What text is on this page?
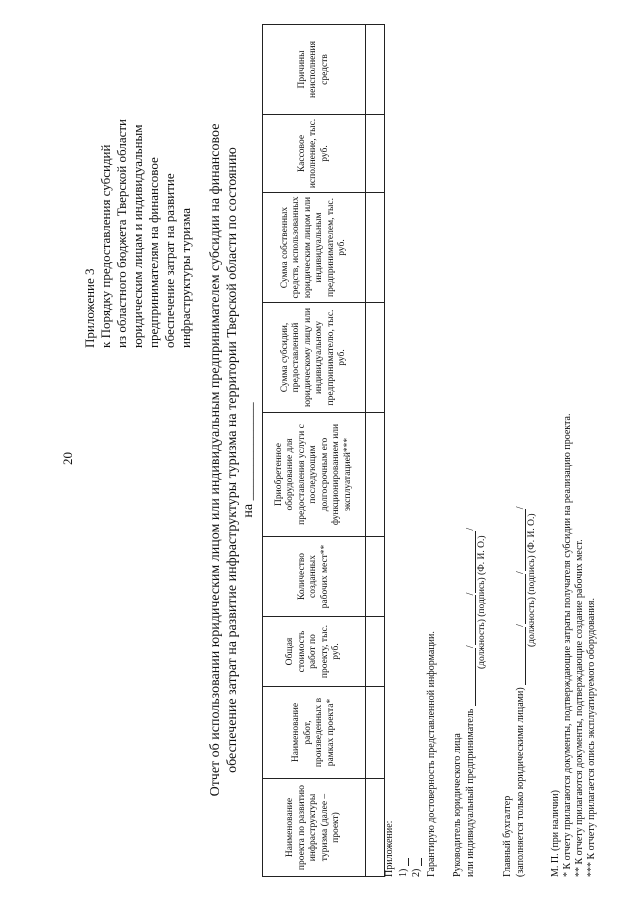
20
Приложение 3 к Порядку предоставления субсидий из областного бюджета Тверской области юридическим лицам и индивидуальным предпринимателям на финансовое обеспечение затрат на развитие инфраструктуры туризма Отчет об использовании юридическим лицом или индивидуальным предпринимателем субсидии на финансовое обеспечение затрат на развитие инфраструктуры туризма на территории Тверской области по состоянию на ______________
Наименование проекта по развитию инфраструктуры туризма (далее – проект)	Наименование работ, произведенных в рамках проекта*	Общая стоимость работ по проекту, тыс. руб.	Количество созданных рабочих мест**	Приобретенное оборудование для предоставления услуги с последующим долгосрочным его функционированием или эксплуатацией***	Сумма субсидии, предоставленной юридическому лицу или индивидуальному предпринимателю, тыс. руб.	Сумма собственных средств, использованных юридическим лицом или индивидуальным предпринимателем, тыс. руб.	Кассовое исполнение, тыс. руб.	Причины неисполнения средств

Приложение: 1) 2) Гарантирую достоверность представленной информации. Руководитель юридического лица или индивидуальный предприниматель ///
(должность) (подпись) (Ф. И. О.)
Главный бухгалтер (заполняется только юридическими лицами) ///
(должность) (подпись) (Ф. И. О.)
М. П. (при наличии) * К отчету прилагаются документы, подтверждающие затраты получателя субсидии на реализацию проекта. ** К отчету прилагаются документы, подтверждающие создание рабочих мест. *** К отчету прилагается опись эксплуатируемого оборудования.
